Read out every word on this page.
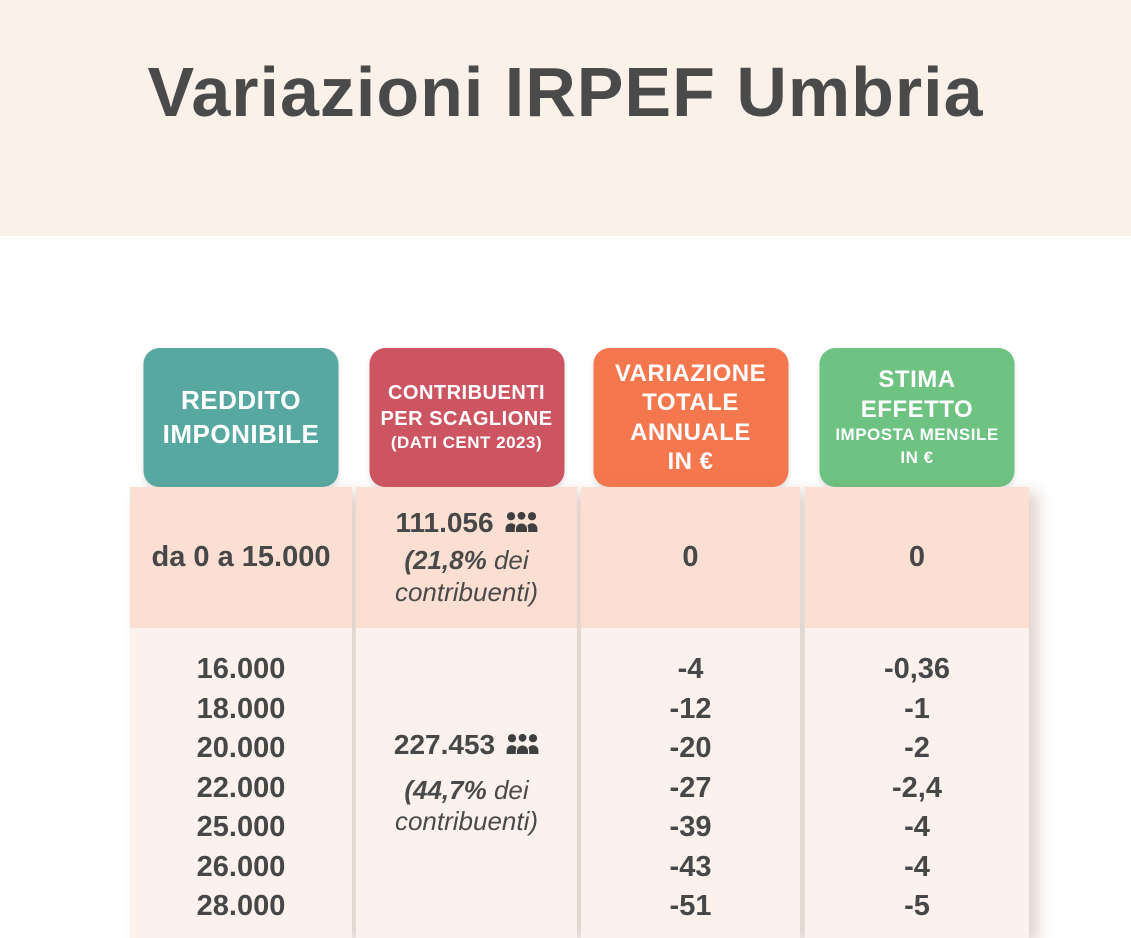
Variazioni IRPEF Umbria
REDDITO
IMPONIBILE
da 0 a 15.000
16.000
18.000
20.000
22.000
25.000
26.000
28.000
CONTRIBUENTI
PER SCAGLIONE
(DATI CENT 2023)
111.056
(21,8% dei
contribuenti)
227.453
(44,7% dei
contribuenti)
VARIAZIONE
TOTALE
ANNUALE
IN €
0
-4
-12
-20
-27
-39
-43
-51
STIMA
EFFETTO
IMPOSTA MENSILE
IN €
0
-0,36
-1
-2
-2,4
-4
-4
-5
